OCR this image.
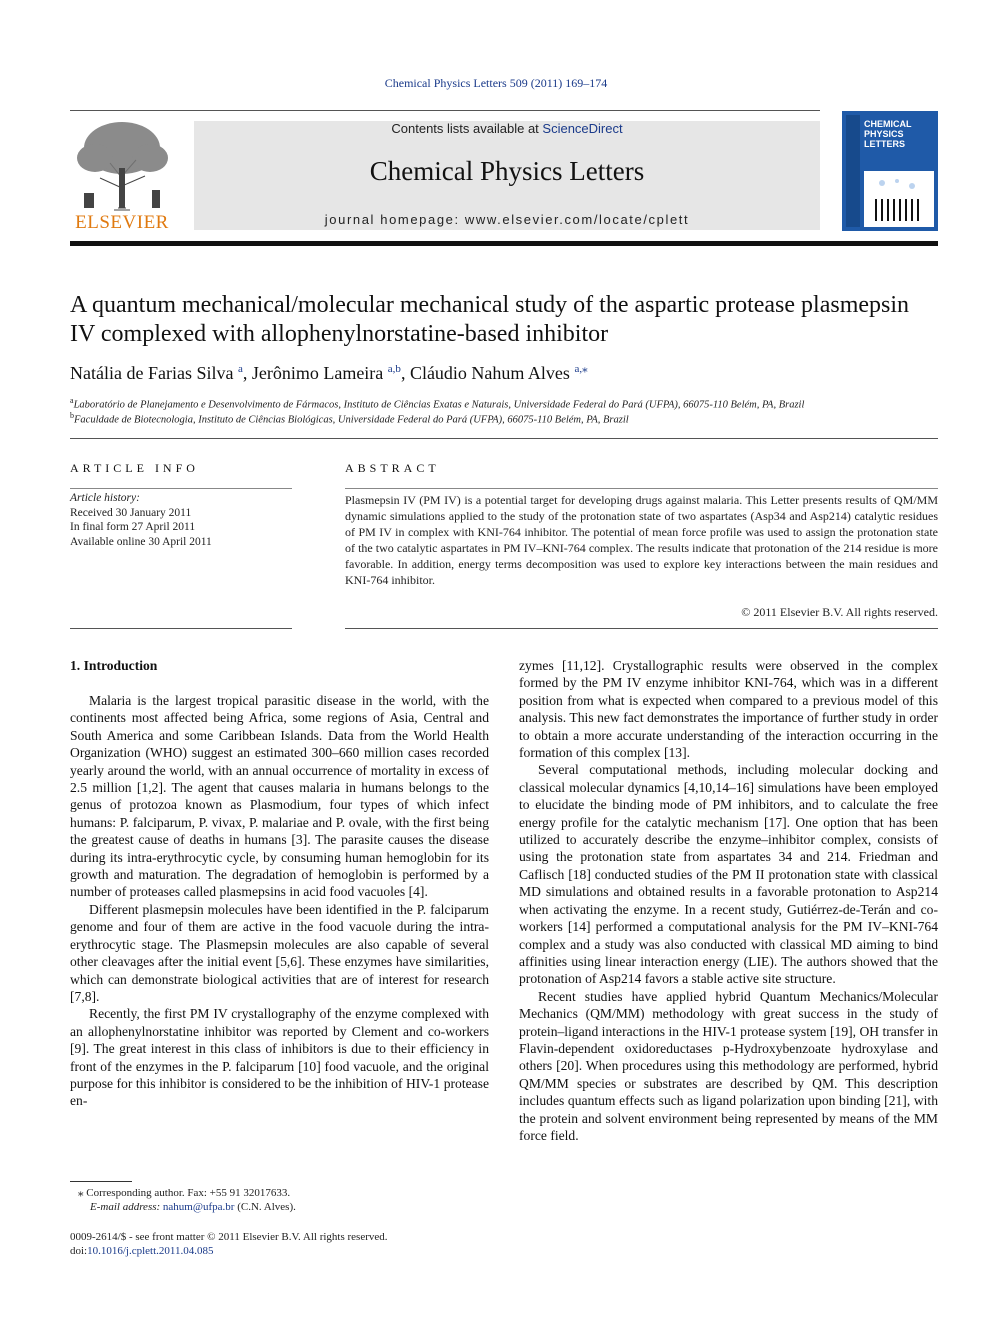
Chemical Physics Letters 509 (2011) 169–174
ELSEVIER
Contents lists available at ScienceDirect
Chemical Physics Letters
journal homepage: www.elsevier.com/locate/cplett
CHEMICAL PHYSICS LETTERS
A quantum mechanical/molecular mechanical study of the aspartic protease plasmepsin IV complexed with allophenylnorstatine-based inhibitor
Natália de Farias Silva $^a$, Jerônimo Lameira $^{a,b}$, Cláudio Nahum Alves $^{a,⁎}$
$^a$Laboratório de Planejamento e Desenvolvimento de Fármacos, Instituto de Ciências Exatas e Naturais, Universidade Federal do Pará (UFPA), 66075-110 Belém, PA, Brazil
$^b$Faculdade de Biotecnologia, Instituto de Ciências Biológicas, Universidade Federal do Pará (UFPA), 66075-110 Belém, PA, Brazil
ARTICLE INFO
Article history:
Received 30 January 2011
In final form 27 April 2011
Available online 30 April 2011
ABSTRACT
Plasmepsin IV (PM IV) is a potential target for developing drugs against malaria. This Letter presents results of QM/MM dynamic simulations applied to the study of the protonation state of two aspartates (Asp34 and Asp214) catalytic residues of PM IV in complex with KNI-764 inhibitor. The potential of mean force profile was used to assign the protonation state of the two catalytic aspartates in PM IV–KNI-764 complex. The results indicate that protonation of the 214 residue is more favorable. In addition, energy terms decomposition was used to explore key interactions between the main residues and KNI-764 inhibitor.
© 2011 Elsevier B.V. All rights reserved.
1. Introduction

Malaria is the largest tropical parasitic disease in the world, with the continents most affected being Africa, some regions of Asia, Central and South America and some Caribbean Islands. Data from the World Health Organization (WHO) suggest an estimated 300–660 million cases recorded yearly around the world, with an annual occurrence of mortality in excess of 2.5 million [1,2]. The agent that causes malaria in humans belongs to the genus of protozoa known as Plasmodium, four types of which infect humans: P. falciparum, P. vivax, P. malariae and P. ovale, with the first being the greatest cause of deaths in humans [3]. The parasite causes the disease during its intra-erythrocytic cycle, by consuming human hemoglobin for its growth and maturation. The degradation of hemoglobin is performed by a number of proteases called plasmepsins in acid food vacuoles [4].

Different plasmepsin molecules have been identified in the P. falciparum genome and four of them are active in the food vacuole during the intra-erythrocytic stage. The Plasmepsin molecules are also capable of several other cleavages after the initial event [5,6]. These enzymes have similarities, which can demonstrate biological activities that are of interest for research [7,8].

Recently, the first PM IV crystallography of the enzyme complexed with an allophenylnorstatine inhibitor was reported by Clement and co-workers [9]. The great interest in this class of inhibitors is due to their efficiency in front of the enzymes in the P. falciparum [10] food vacuole, and the original purpose for this inhibitor is considered to be the inhibition of HIV-1 protease en-

zymes [11,12]. Crystallographic results were observed in the complex formed by the PM IV enzyme inhibitor KNI-764, which was in a different position from what is expected when compared to a previous model of this analysis. This new fact demonstrates the importance of further study in order to obtain a more accurate understanding of the interaction occurring in the formation of this complex [13].

Several computational methods, including molecular docking and classical molecular dynamics [4,10,14–16] simulations have been employed to elucidate the binding mode of PM inhibitors, and to calculate the free energy profile for the catalytic mechanism [17]. One option that has been utilized to accurately describe the enzyme–inhibitor complex, consists of using the protonation state from aspartates 34 and 214. Friedman and Caflisch [18] conducted studies of the PM II protonation state with classical MD simulations and obtained results in a favorable protonation to Asp214 when activating the enzyme. In a recent study, Gutiérrez-de-Terán and co-workers [14] performed a computational analysis for the PM IV–KNI-764 complex and a study was also conducted with classical MD aiming to bind affinities using linear interaction energy (LIE). The authors showed that the protonation of Asp214 favors a stable active site structure.

Recent studies have applied hybrid Quantum Mechanics/Molecular Mechanics (QM/MM) methodology with great success in the study of protein–ligand interactions in the HIV-1 protease system [19], OH transfer in Flavin-dependent oxidoreductases p-Hydroxybenzoate hydroxylase and others [20]. When procedures using this methodology are performed, hybrid QM/MM species or substrates are described by QM. This description includes quantum effects such as ligand polarization upon binding [21], with the protein and solvent environment being represented by means of the MM force field.

⁎ Corresponding author. Fax: +55 91 32017633.
E-mail address: nahum@ufpa.br (C.N. Alves).
0009-2614/$ - see front matter © 2011 Elsevier B.V. All rights reserved.
doi:10.1016/j.cplett.2011.04.085
